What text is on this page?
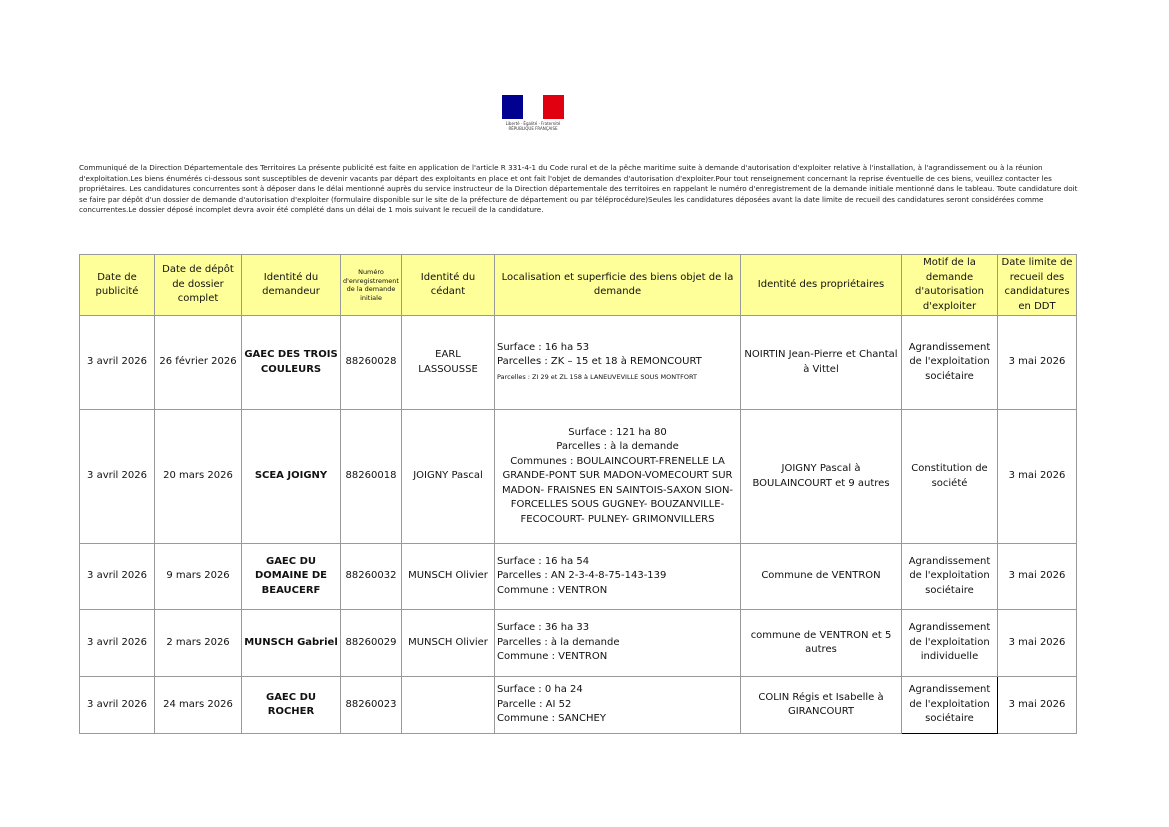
Liberté · Égalité · Fraternité
RÉPUBLIQUE FRANÇAISE
Communiqué de la Direction Départementale des Territoires La présente publicité est faite en application de l'article R 331-4-1 du Code rural et de la pêche maritime suite à demande d'autorisation d'exploiter relative à l'installation, à l'agrandissement ou à la réunion d'exploitation.Les biens énumérés ci-dessous sont susceptibles de devenir vacants par départ des exploitants en place et ont fait l'objet de demandes d'autorisation d'exploiter.Pour tout renseignement concernant la reprise éventuelle de ces biens, veuillez contacter les propriétaires. Les candidatures concurrentes sont à déposer dans le délai mentionné auprès du service instructeur de la Direction départementale des territoires en rappelant le numéro d'enregistrement de la demande initiale mentionné dans le tableau. Toute candidature doit se faire par dépôt d'un dossier de demande d'autorisation d'exploiter (formulaire disponible sur le site de la préfecture de département ou par téléprocédure)Seules les candidatures déposées avant la date limite de recueil des candidatures seront considérées comme concurrentes.Le dossier déposé incomplet devra avoir été complété dans un délai de 1 mois suivant le recueil de la candidature.
Date de publicité	Date de dépôt de dossier complet	Identité du demandeur	Numéro d'enregistrement de la demande initiale	Identité du cédant	Localisation et superficie des biens objet de la demande	Identité des propriétaires	Motif de la demande d'autorisation d'exploiter	Date limite de recueil des candidatures en DDT
3 avril 2026	26 février 2026	GAEC DES TROIS COULEURS	88260028	EARL LASSOUSSE	Surface : 16 ha 53
Parcelles : ZK – 15 et 18 à REMONCOURT
Parcelles : ZI 29 et ZL 158 à LANEUVEVILLE SOUS MONTFORT	NOIRTIN Jean-Pierre et Chantal à Vittel	Agrandissement de l'exploitation sociétaire	3 mai 2026
3 avril 2026	20 mars 2026	SCEA JOIGNY	88260018	JOIGNY Pascal	Surface : 121 ha 80
Parcelles : à la demande
Communes : BOULAINCOURT-FRENELLE LA GRANDE-PONT SUR MADON-VOMECOURT SUR MADON- FRAISNES EN SAINTOIS-SAXON SION-FORCELLES SOUS GUGNEY- BOUZANVILLE-FECOCOURT- PULNEY- GRIMONVILLERS	JOIGNY Pascal à BOULAINCOURT et 9 autres	Constitution de société	3 mai 2026
3 avril 2026	9 mars 2026	GAEC DU DOMAINE DE BEAUCERF	88260032	MUNSCH Olivier	Surface : 16 ha 54
Parcelles : AN 2-3-4-8-75-143-139
Commune : VENTRON	Commune de VENTRON	Agrandissement de l'exploitation sociétaire	3 mai 2026
3 avril 2026	2 mars 2026	MUNSCH Gabriel	88260029	MUNSCH Olivier	Surface : 36 ha 33
Parcelles : à la demande
Commune : VENTRON	commune de VENTRON et 5 autres	Agrandissement de l'exploitation individuelle	3 mai 2026
3 avril 2026	24 mars 2026	GAEC DU ROCHER	88260023		Surface : 0 ha 24
Parcelle : AI 52
Commune : SANCHEY	COLIN Régis et Isabelle à GIRANCOURT	Agrandissement de l'exploitation sociétaire	3 mai 2026
